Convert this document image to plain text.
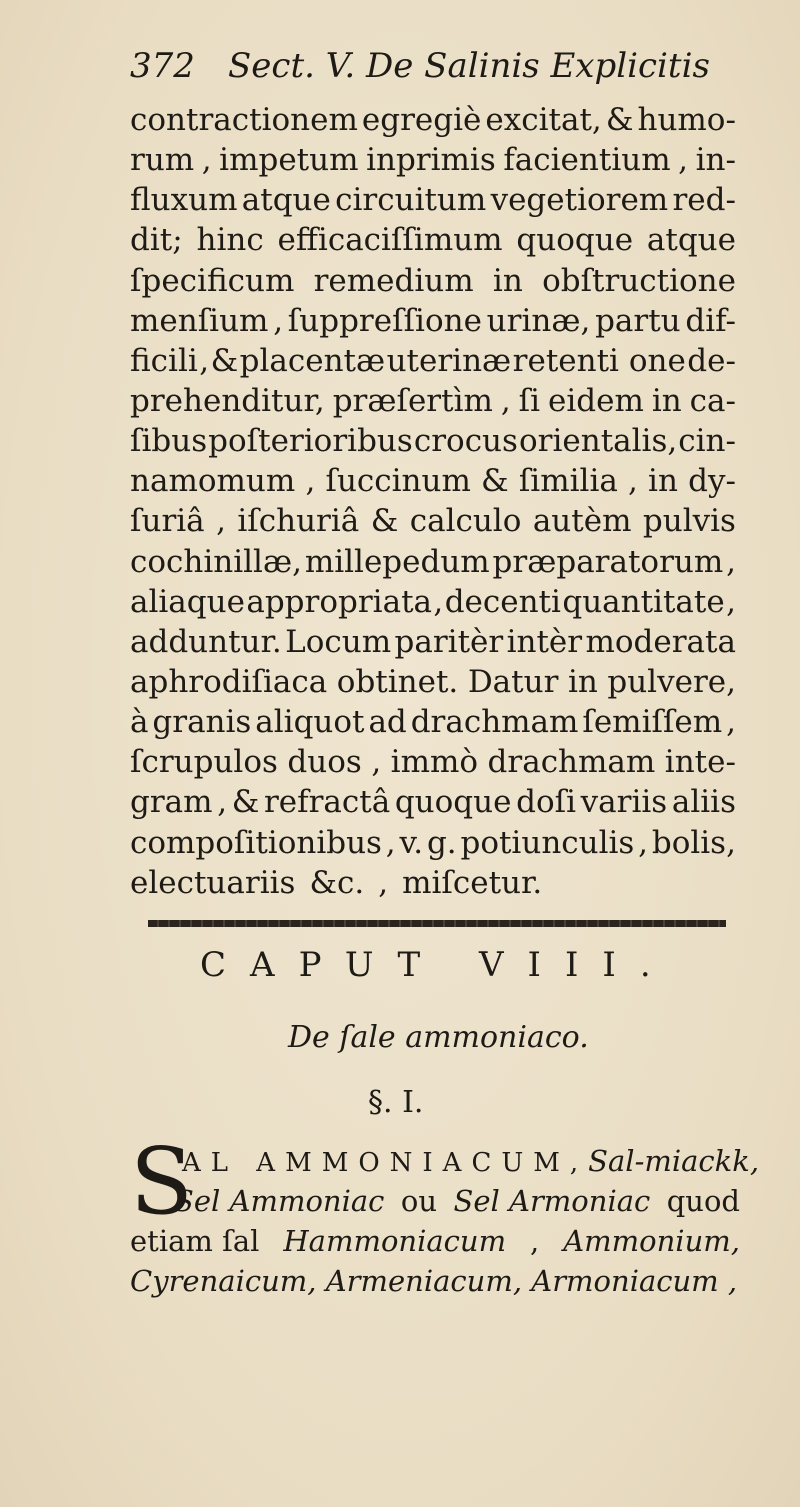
372 Sect. V. De Salinis Explicitis
contractionem egregiè excitat, & humo-
rum , impetum inprimis facientium , in-
fluxum atque circuitum vegetiorem red-
dit; hinc efficaciſſimum quoque atque
ſpecificum remedium in obſtructione
menſium , ſuppreſſione urinæ, partu dif-
ficili , & placentæ uterinæ retenti one de-
prehenditur, præſertìm , ſi eidem in ca-
ſibus poſterioribus crocus orientalis, cin-
namomum , ſuccinum & ſimilia , in dy-
ſuriâ , iſchuriâ & calculo autèm pulvis
cochinillæ, millepedum præparatorum ,
aliaque appropriata , decenti quantitate ,
adduntur. Locum paritèr intèr moderata
aphrodiſiaca obtinet. Datur in pulvere,
à granis aliquot ad drachmam ſemiſſem ,
ſcrupulos duos , immò drachmam inte-
gram , & refractâ quoque doſi variis aliis
compoſitionibus , v. g. potiunculis , bolis,
electuariis &c. , miſcetur.
CAPUT VIII.
De ſale ammoniaco.
§. I.
S
AL AMMONIACUM,Sal-miackk,
Sel Ammoniac ou Sel Armoniac quod
etiam ſal Hammoniacum , Ammonium,
Cyrenaicum, Armeniacum, Armoniacum ,
